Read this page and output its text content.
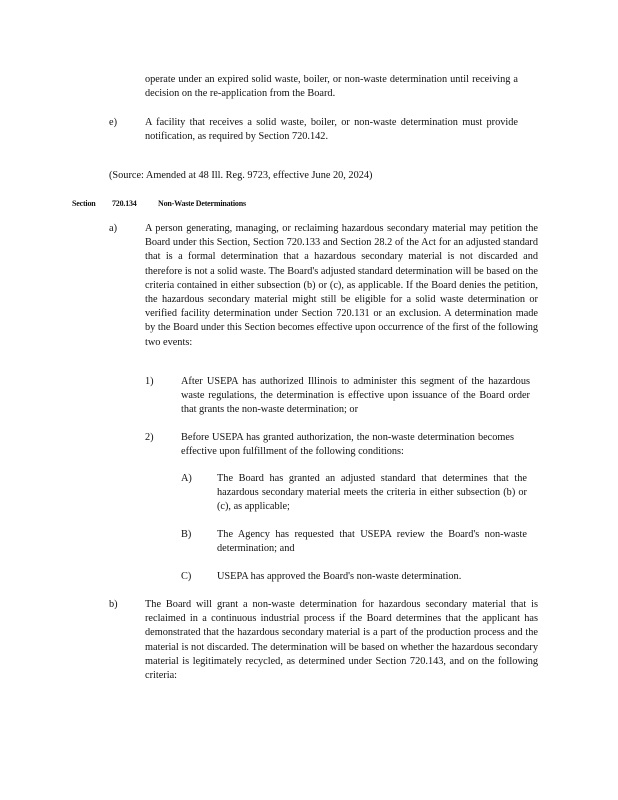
operate under an expired solid waste, boiler, or non-waste determination until receiving a decision on the re-application from the Board.
e)	A facility that receives a solid waste, boiler, or non-waste determination must provide notification, as required by Section 720.142.
(Source: Amended at 48 Ill. Reg. 9723, effective June 20, 2024)
Section 720.134	Non-Waste Determinations
a)	A person generating, managing, or reclaiming hazardous secondary material may petition the Board under this Section, Section 720.133 and Section 28.2 of the Act for an adjusted standard that is a formal determination that a hazardous secondary material is not discarded and therefore is not a solid waste. The Board's adjusted standard determination will be based on the criteria contained in either subsection (b) or (c), as applicable. If the Board denies the petition, the hazardous secondary material might still be eligible for a solid waste determination or verified facility determination under Section 720.131 or an exclusion. A determination made by the Board under this Section becomes effective upon occurrence of the first of the following two events:
1)	After USEPA has authorized Illinois to administer this segment of the hazardous waste regulations, the determination is effective upon issuance of the Board order that grants the non-waste determination; or
2)	Before USEPA has granted authorization, the non-waste determination becomes effective upon fulfillment of the following conditions:
A) The Board has granted an adjusted standard that determines that the hazardous secondary material meets the criteria in either subsection (b) or (c), as applicable;
B) The Agency has requested that USEPA review the Board's non-waste determination; and
C) USEPA has approved the Board's non-waste determination.
b)	The Board will grant a non-waste determination for hazardous secondary material that is reclaimed in a continuous industrial process if the Board determines that the applicant has demonstrated that the hazardous secondary material is a part of the production process and the material is not discarded. The determination will be based on whether the hazardous secondary material is legitimately recycled, as determined under Section 720.143, and on the following criteria:
